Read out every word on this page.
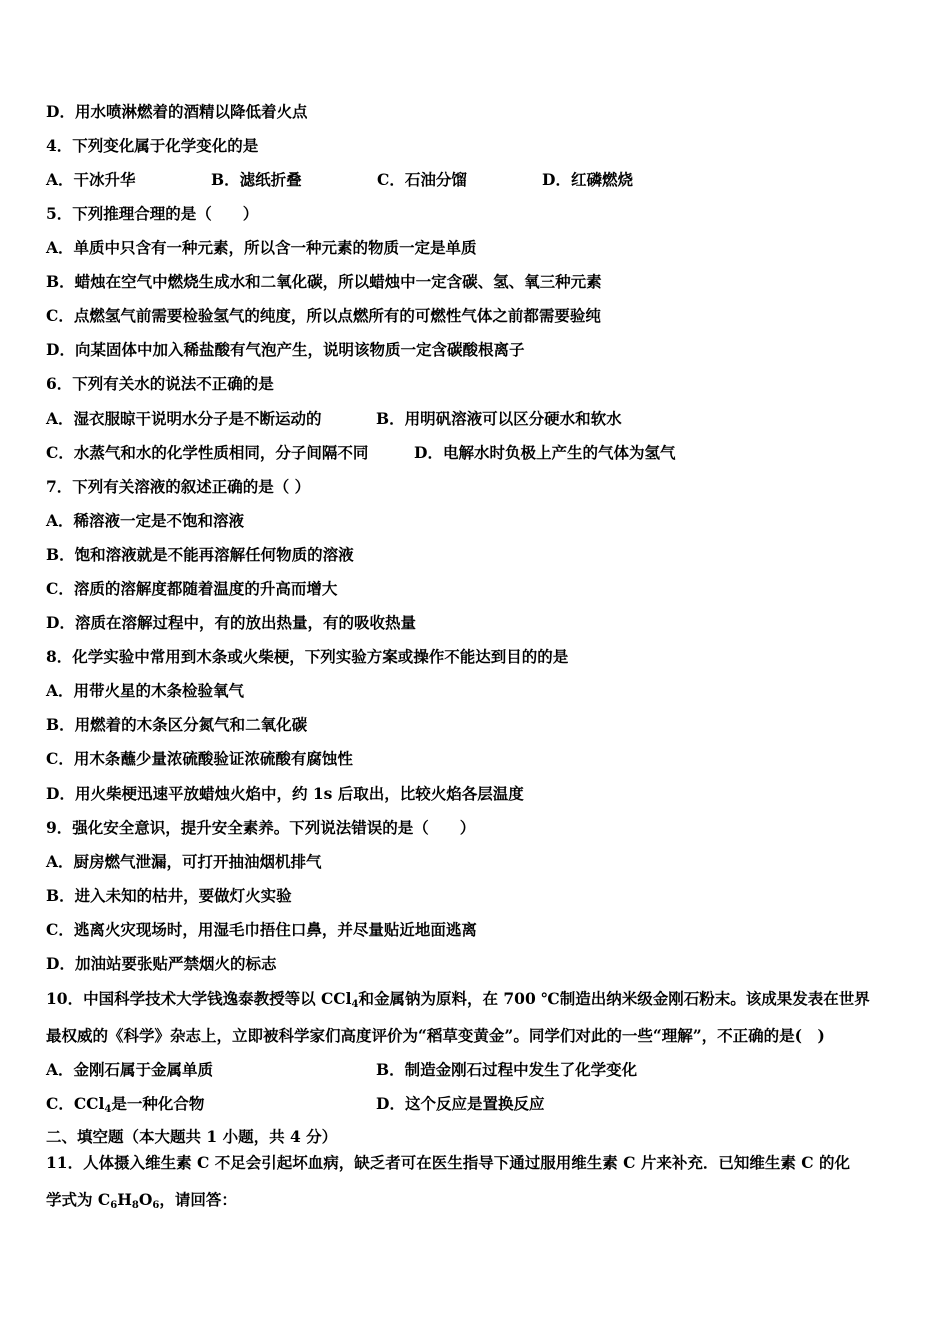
D．用水喷淋燃着的酒精以降低着火点
4．下列变化属于化学变化的是
A．干冰升华	B．滤纸折叠	C．石油分馏	D．红磷燃烧
5．下列推理合理的是（　　）
A．单质中只含有一种元素，所以含一种元素的物质一定是单质
B．蜡烛在空气中燃烧生成水和二氧化碳，所以蜡烛中一定含碳、氢、氧三种元素
C．点燃氢气前需要检验氢气的纯度，所以点燃所有的可燃性气体之前都需要验纯
D．向某固体中加入稀盐酸有气泡产生，说明该物质一定含碳酸根离子
6．下列有关水的说法不正确的是
A．湿衣服晾干说明水分子是不断运动的	B．用明矾溶液可以区分硬水和软水
C．水蒸气和水的化学性质相同，分子间隔不同	D．电解水时负极上产生的气体为氢气
7．下列有关溶液的叙述正确的是（ ）
A．稀溶液一定是不饱和溶液
B．饱和溶液就是不能再溶解任何物质的溶液
C．溶质的溶解度都随着温度的升高而增大
D．溶质在溶解过程中，有的放出热量，有的吸收热量
8．化学实验中常用到木条或火柴梗，下列实验方案或操作不能达到目的的是
A．用带火星的木条检验氧气
B．用燃着的木条区分氮气和二氧化碳
C．用木条蘸少量浓硫酸验证浓硫酸有腐蚀性
D．用火柴梗迅速平放蜡烛火焰中，约 1s 后取出，比较火焰各层温度
9．强化安全意识，提升安全素养。下列说法错误的是（　　）
A．厨房燃气泄漏，可打开抽油烟机排气
B．进入未知的枯井，要做灯火实验
C．逃离火灾现场时，用湿毛巾捂住口鼻，并尽量贴近地面逃离
D．加油站要张贴严禁烟火的标志
10．中国科学技术大学钱逸泰教授等以 CCl$_4$和金属钠为原料，在 700 ℃制造出纳米级金刚石粉末。该成果发表在世界
最权威的《科学》杂志上，立即被科学家们高度评价为“稻草变黄金”。同学们对此的一些“理解”，不正确的是(　)
A．金刚石属于金属单质	B．制造金刚石过程中发生了化学变化
C．CCl$_4$是一种化合物	D．这个反应是置换反应
二、填空题（本大题共 1 小题，共 4 分）
11．人体摄入维生素 C 不足会引起坏血病，缺乏者可在医生指导下通过服用维生素 C 片来补充．已知维生素 C 的化
学式为 $C_6H_8O_6$，请回答：
